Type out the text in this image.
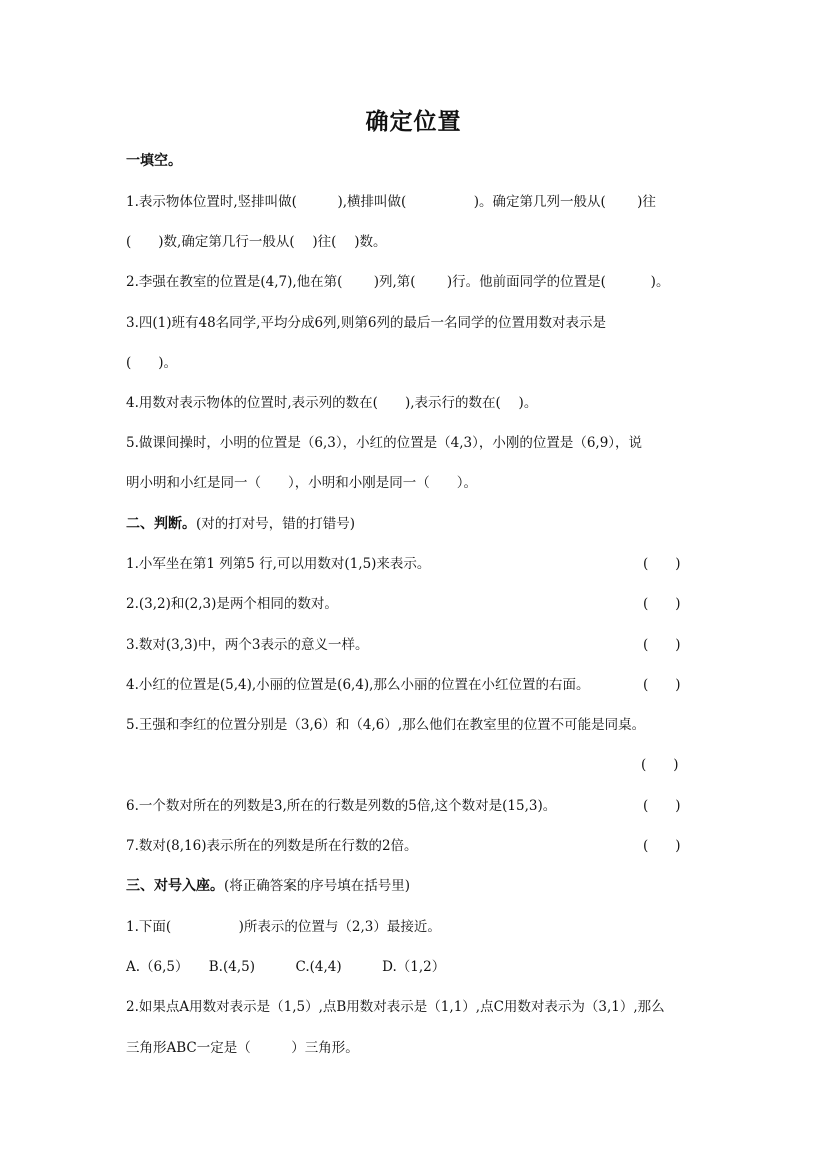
确定位置
一填空。
1.表示物体位置时,竖排叫做(　　　),横排叫做(　　　　　)。确定第几列一般从(　　 )往
(　　)数,确定第几行一般从(　 )往(　 )数。
2.李强在教室的位置是(4,7),他在第(　　 )列,第(　　 )行。他前面同学的位置是(　　　 )。
3.四(1)班有48名同学,平均分成6列,则第6列的最后一名同学的位置用数对表示是
(　　)。
4.用数对表示物体的位置时,表示列的数在(　　),表示行的数在(　 )。
5.做课间操时，小明的位置是（6,3），小红的位置是（4,3），小刚的位置是（6,9），说
明小明和小红是同一（　　），小明和小刚是同一（　　）。
二、判断。(对的打对号，错的打错号)
1.小军坐在第1 列第5 行,可以用数对(1,5)来表示。	(　　)
2.(3,2)和(2,3)是两个相同的数对。	(　　)
3.数对(3,3)中，两个3表示的意义一样。	(　　)
4.小红的位置是(5,4),小丽的位置是(6,4),那么小丽的位置在小红位置的右面。	(　　)
5.王强和李红的位置分别是（3,6）和（4,6）,那么他们在教室里的位置不可能是同桌。
(　　)
6.一个数对所在的列数是3,所在的行数是列数的5倍,这个数对是(15,3)。	(　　)
7.数对(8,16)表示所在的列数是所在行数的2倍。	(　　)
三、对号入座。(将正确答案的序号填在括号里)
1.下面(　　　　　)所表示的位置与（2,3）最接近。
A.（6,5）　　B.(4,5)　　　C.(4,4)　　　D.（1,2）
2.如果点A用数对表示是（1,5）,点B用数对表示是（1,1）,点C用数对表示为（3,1）,那么
三角形ABC一定是（　　　）三角形。
